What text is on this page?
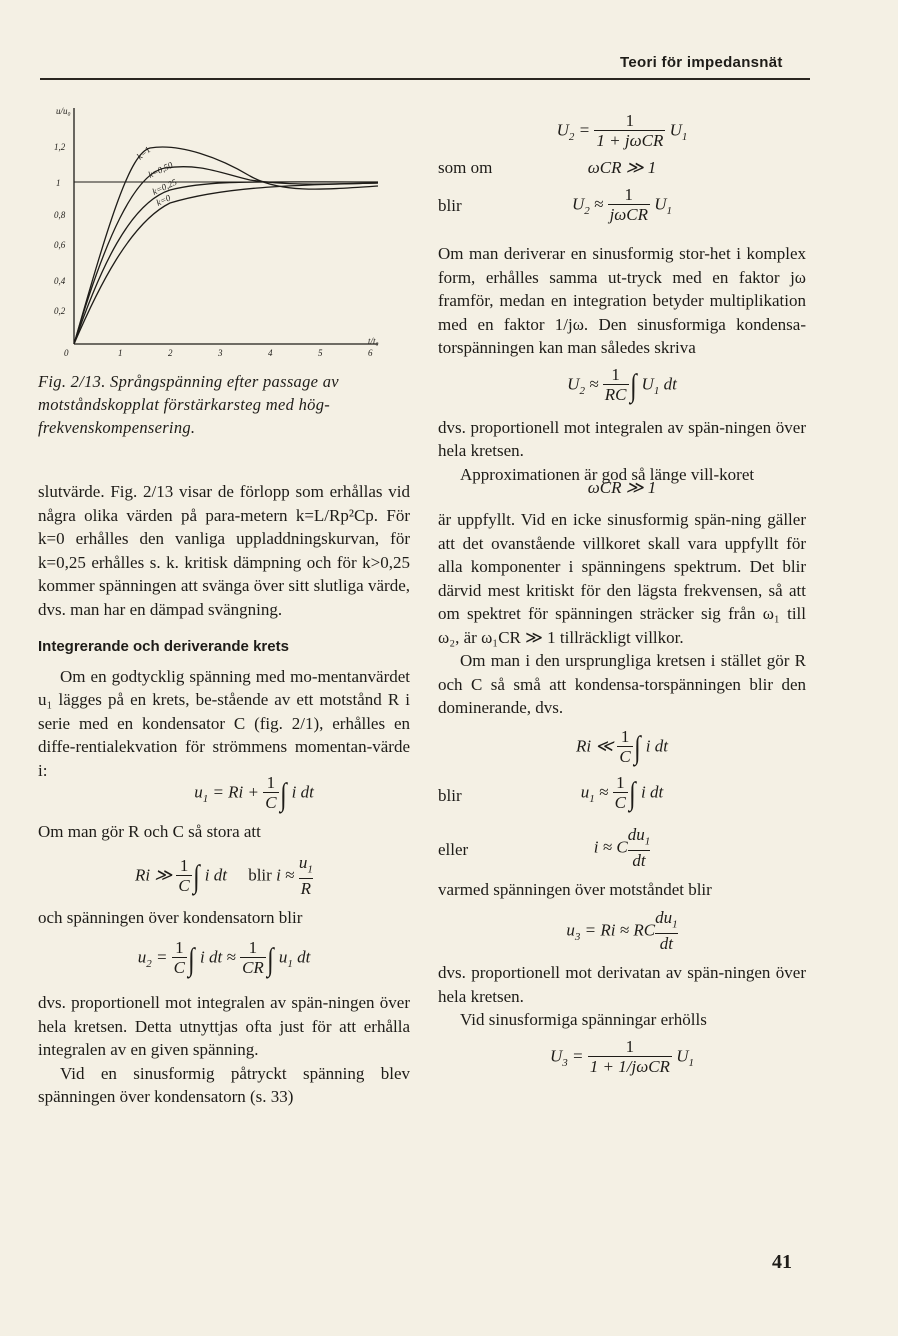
Teori för impedansnät
u/u₀
1,2
1
0,8
0,6
0,4
0,2
0	1	2	3	4	5	6
t/t₀
k=1
k=0,50
k=0,25
k=0
Fig. 2/13. Språngspänning efter passage av motståndskopplat förstärkarsteg med hög-frekvenskompensering.

slutvärde. Fig. 2/13 visar de förlopp som erhållas vid några olika värden på para-metern k=L/Rp²Cp. För k=0 erhålles den vanliga uppladdningskurvan, för k=0,25 erhålles s. k. kritisk dämpning och för k>0,25 kommer spänningen att svänga över sitt slutliga värde, dvs. man har en dämpad svängning.

Integrerande och deriverande krets

Om en godtycklig spänning med mo-mentanvärdet u₁ lägges på en krets, be-stående av ett motstånd R i serie med en kondensator C (fig. 2/1), erhålles en diffe-rentialekvation för strömmens momentan-värde i:

$u_1 = Ri + \frac{1}{C}$ ∫ i dt

Om man gör R och C så stora att

Ri ≫ $\frac{1}{C}$ ∫ i dt     blir $i \approx \frac{u_1}{R}$

och spänningen över kondensatorn blir

$u_2 = \frac{1}{C}$ ∫ i dt ≈ $\frac{1}{CR}$ ∫ $u_1$ dt

dvs. proportionell mot integralen av spän-ningen över hela kretsen. Detta utnyttjas ofta just för att erhålla integralen av en given spänning.

Vid en sinusformig påtryckt spänning blev spänningen över kondensatorn (s. 33)

$U_2 = \frac{1}{\text{1 + jωCR}} U_1$
som om	ωCR ≫ 1
blir	$U_2 \approx \frac{1}{\text{jωCR}} U_1$

Om man deriverar en sinusformig stor-het i komplex form, erhålles samma ut-tryck med en faktor jω framför, medan en integration betyder multiplikation med en faktor 1/jω. Den sinusformiga kondensa-torspänningen kan man således skriva

$U_2 \approx \frac{1}{RC}$ ∫ $U_1$ dt

dvs. proportionell mot integralen av spän-ningen över hela kretsen.

Approximationen är god så länge vill-koret

ωCR ≫ 1

är uppfyllt. Vid en icke sinusformig spän-ning gäller att det ovanstående villkoret skall vara uppfyllt för alla komponenter i spänningens spektrum. Det blir därvid mest kritiskt för den lägsta frekvensen, så att om spektret för spänningen sträcker sig från ω₁ till ω₂, är ω₁CR ≫ 1 tillräckligt villkor.

Om man i den ursprungliga kretsen i stället gör R och C så små att kondensa-torspänningen blir den dominerande, dvs.

Ri ≪ $\frac{1}{C}$ ∫ i dt
blir	$u_1 \approx \frac{1}{C}$ ∫ i dt
eller	i ≈ C $\frac{du_1}{dt}$

varmed spänningen över motståndet blir

$u_3 = Ri$ ≈ RC $\frac{du_1}{dt}$

dvs. proportionell mot derivatan av spän-ningen över hela kretsen.

Vid sinusformiga spänningar erhölls

$U_3 = \frac{1}{\text{1 + 1/jωCR}} U_1$
41
